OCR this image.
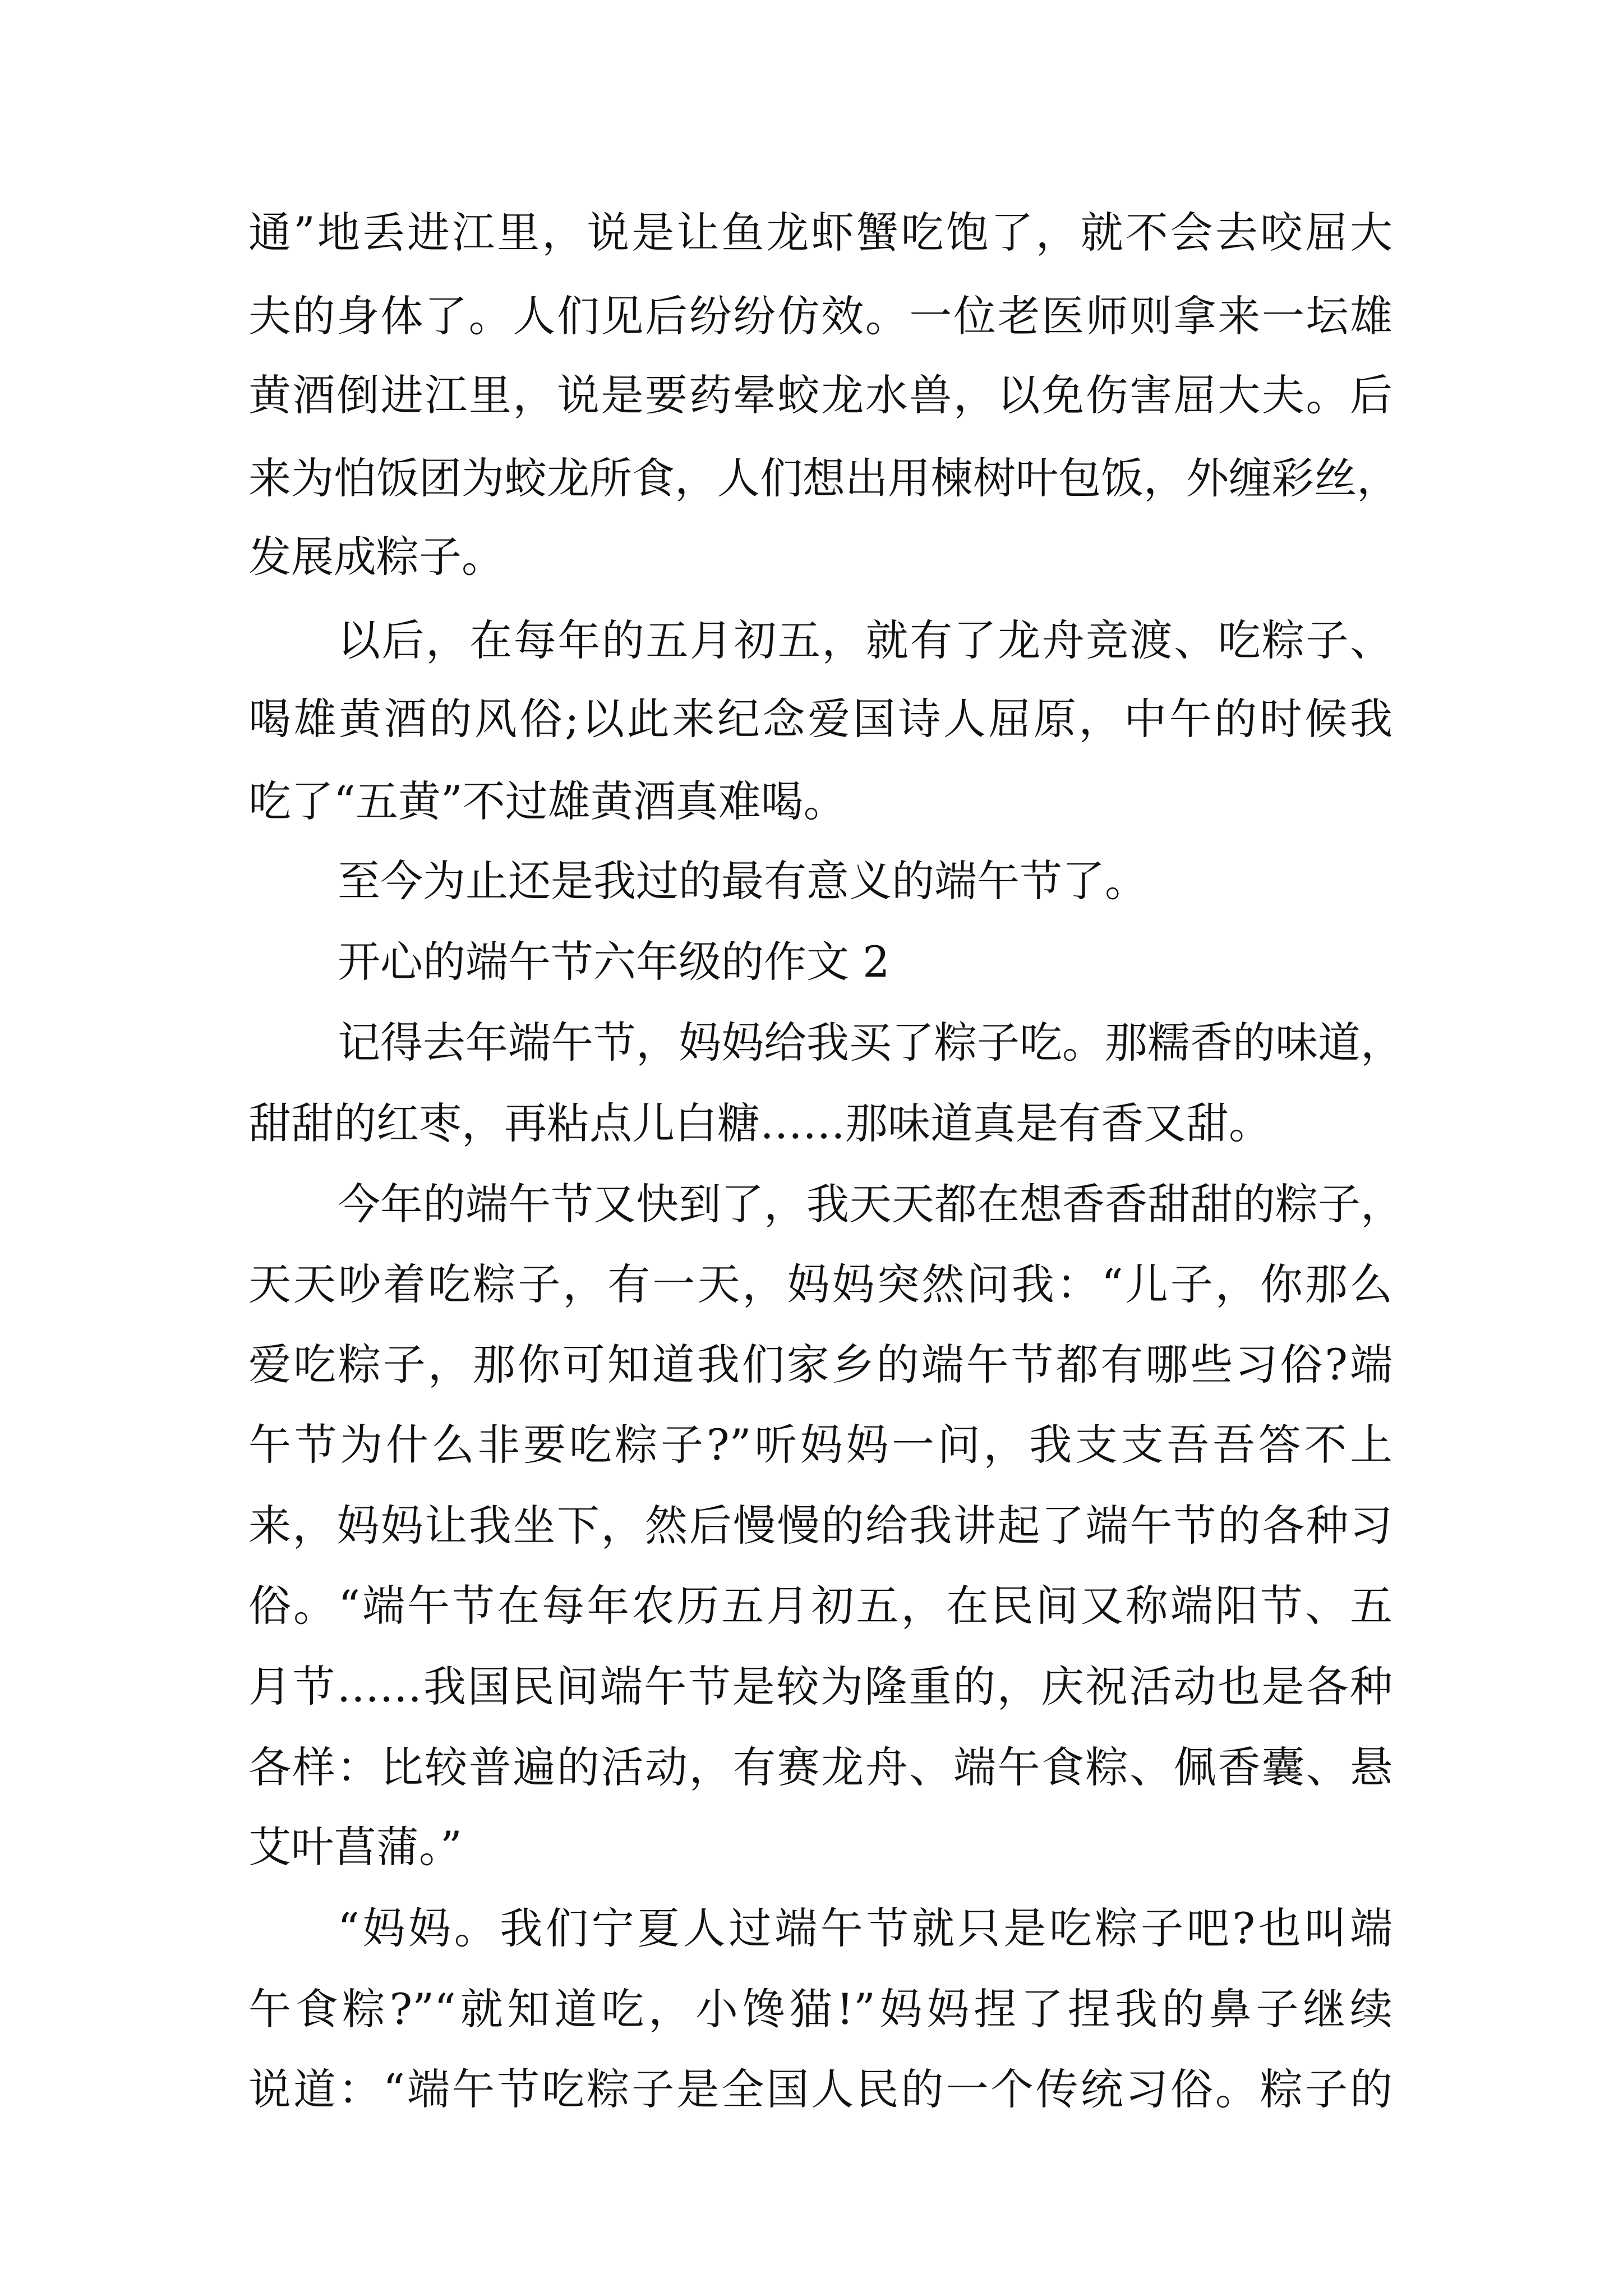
通”地丢进江里，说是让鱼龙虾蟹吃饱了，就不会去咬屈大
夫的身体了。人们见后纷纷仿效。一位老医师则拿来一坛雄
黄酒倒进江里，说是要药晕蛟龙水兽，以免伤害屈大夫。后
来为怕饭团为蛟龙所食，人们想出用楝树叶包饭，外缠彩丝，
发展成粽子。
以后，在每年的五月初五，就有了龙舟竞渡、吃粽子、
喝雄黄酒的风俗;以此来纪念爱国诗人屈原，中午的时候我
吃了“五黄”不过雄黄酒真难喝。
至今为止还是我过的最有意义的端午节了。
开心的端午节六年级的作文 2
记得去年端午节，妈妈给我买了粽子吃。那糯香的味道，
甜甜的红枣，再粘点儿白糖……那味道真是有香又甜。
今年的端午节又快到了，我天天都在想香香甜甜的粽子，
天天吵着吃粽子，有一天，妈妈突然问我：“儿子，你那么
爱吃粽子，那你可知道我们家乡的端午节都有哪些习俗?端
午节为什么非要吃粽子?”听妈妈一问，我支支吾吾答不上
来，妈妈让我坐下，然后慢慢的给我讲起了端午节的各种习
俗。“端午节在每年农历五月初五，在民间又称端阳节、五
月节……我国民间端午节是较为隆重的，庆祝活动也是各种
各样：比较普遍的活动，有赛龙舟、端午食粽、佩香囊、悬
艾叶菖蒲。”
“妈妈。我们宁夏人过端午节就只是吃粽子吧?也叫端
午食粽?”“就知道吃，小馋猫!”妈妈捏了捏我的鼻子继续
说道：“端午节吃粽子是全国人民的一个传统习俗。粽子的
